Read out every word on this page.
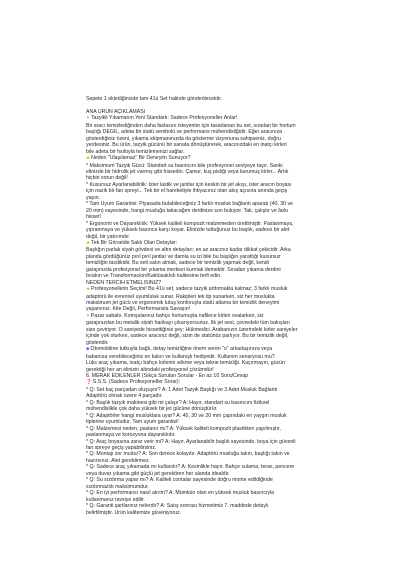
Sepete 1 eklediğinizde tam 41ü Set halinde gönderilecektir.
ANA ÜRÜN AÇIKLAMASI
✦Tazyikli Yıkamanın Yeni Standartı: Sadece Profesyoneller Anlar!
Bir aracı temizlediğinden daha fazlasını isteyenler için tasarlanan bu set, sıradan bir hortum
başlığı DEĞİL, adeta bir statü sembolü ve performans mühendisliğidir. Eğer aracınıza
gösterdiğiniz özeni, yıkama ekipmanınızda da gösterme vizyonuna sahipseniz, doğru
yerdesiniz. Bu ürün, tazyik gücünü bir sanata dönüştürerek, aracınızdaki en inatçı kirleri
bile adeta bir fısıltıyla temizlemenizi sağlar.
★Neden "Ulaşılamaz" Bir Deneyim Sunuyor?
* Maksimum Tazyik Gücü: Standart su basıncını bile profesyonel seviyeye taşır. Sanki
elinizde bir hidrolik jet varmış gibi hissedin. Çamur, kuş pisliği veya kurumuş kirler... Artık
hiçbiri sorun değil!
* Kusursuz Ayarlanabilirlik: İster lastik ve jantlar için keskin bir jet akışı, ister aracın boyası
için nazik bir fan spreyi... Tek bir el hareketiyle ihtiyacınız olan akış açısına anında geçiş
yapın.
* Tam Uyum Garantisi: Piyasada bulabileceğiniz 3 farklı musluk bağlantı aparatı (40, 30 ve
20 mm) sayesinde, hangi musluğa takacağım derdinize son buluyor. Tak, çalıştır ve farkı
hisset!
* Ergonomi ve Dayanıklılık: Yüksek kaliteli kompozit malzemeden üretilmiştir. Paslanmaya,
yıpranmaya ve yüksek basınca karşı koyar. Elinizde tuttuğunuz bu başlık, sadece bir alet
değil, bir yatırımdır.
★Tek Bir Görselde Saklı Olan Detaylar:
Başlığın parlak siyah gövdesi ve altın detayları; en az aracınız kadar dikkat çekicidir. Arka
planda gördüğünüz pırıl pırıl jantlar ve damla su izi bile bu başlığın yarattığı kusursuz
temizliğin tasdikidir. Bu seti satın almak, sadece bir temizlik yapmak değil, kendi
garajınızda profesyonel bir yıkama merkezi kurmak demektir. Sıradan yıkama derdini
bırakın ve Transformacion/Kaktüsaklıdı kalitesine terfi edin.
NEDEN TERCİH ETMELİSİNİZ?
★Profesyonellerin Seçimi! Bu 41ü set, sadece tazyik arttırmakla kalmaz; 3 farklı musluk
adaptörü ile evrensel uyumluluk sunar. Rakipleri tek tip sunarken, siz her muslukta
maksimum jet gücü ve ergonomik tutuş konforuyla statü atlama bir temizlik deneyimi
yaşarsınız. Kite Değil, Performansla Savaşın!
✦Pazar sabahı. Komşularınız bahçe hortumuyla nafilece kirleri ovalarken, siz
garajınızdan bu metalik siyah harikayı çıkarıyorsunuz. İlk jet sesi, çevredeki tüm bakışları
size çeviriyor. O saniyede hissettiğiniz şey: Hükmedici. Arabanızın üzerindeki kirler saniyeler
içinde yok olurken, sadece aracınız değil, sizin de statünüz parlıyor. Bu bir temizlik değil,
gösteridir.
◆Otomobiline tutkuyla bağlı, detay temizliğine önem veren "o" arkadaşınıza veya
babanıza verebileceğiniz en kalıcı ve kullanışlı hediyedir. Kullanım senaryosu mu?
Lüks araç yıkama, inatçı bahçe kirlerini sökme veya tekne temizliği. Kaçırmayın, gücün
gerektiği her an elinizin altındaki profesyonel çözümdür!
6. MERAK EDİLENLER (Sıkça Sorulan Sorular - En az 10 Soru/Cevap
❓S.S.S. (Sadece Profesyoneller Sorar):
* Q: Set kaç parçadan oluşuyor? A: 1 Adet Tazyik Başlığı ve 3 Adet Musluk Bağlantı
Adaptörü olmak üzere 4 parçadır.
* Q: Başlık tazyik makinesi gibi mi çalışır? A: Hayır, standart su basıncını fiziksel
mühendislikle çok daha yüksek bir jet gücüne dönüştürür.
* Q: Adaptörler hangi musluklara uyar? A: 40, 30 ve 20 mm çapındaki en yaygın musluk
tiplerine uyumludur. Tam uyum garantisi!
* Q: Malzemesi neden, paslanır mı? A: Yüksek kaliteli kompozit plastikten yapılmıştır,
paslanmaya ve korozyona dayanıklıdır.
* Q: Araç boyasına zarar verir mi? A: Hayır. Ayarlanabilir başlık sayesinde, boya için güvenli
fan spreye geçiş yapabilirsiniz.
* Q: Montajı zor mudur? A: Son derece kolaydır. Adaptörü musluğa takın, başlığı takın ve
hazırsınız. Alet gerektirmez.
* Q: Sadece araç yıkamada mı kullanılır? A: Kesinlikle hayır. Bahçe sulama, teras, pencere
veya duvar yıkama gibi güçlü jet gerektiren her alanda idealdir.
* Q: Su sızdırma yapar mı? A: Kaliteli contalar sayesinde doğru monte edildiğinde
sızdırmazlık maksimumdur.
* Q: En iyi performansı nasıl alırım? A: Mümkün olan en yüksek musluk basıncıyla
kullanmanız tavsiye edilir.
* Q: Garanti şartlarınız nelerdir? A: Satış sonrası hizmetimiz 7. maddede detaylı
belirtilmiştir. Ürün kalitemize güveniyoruz.
